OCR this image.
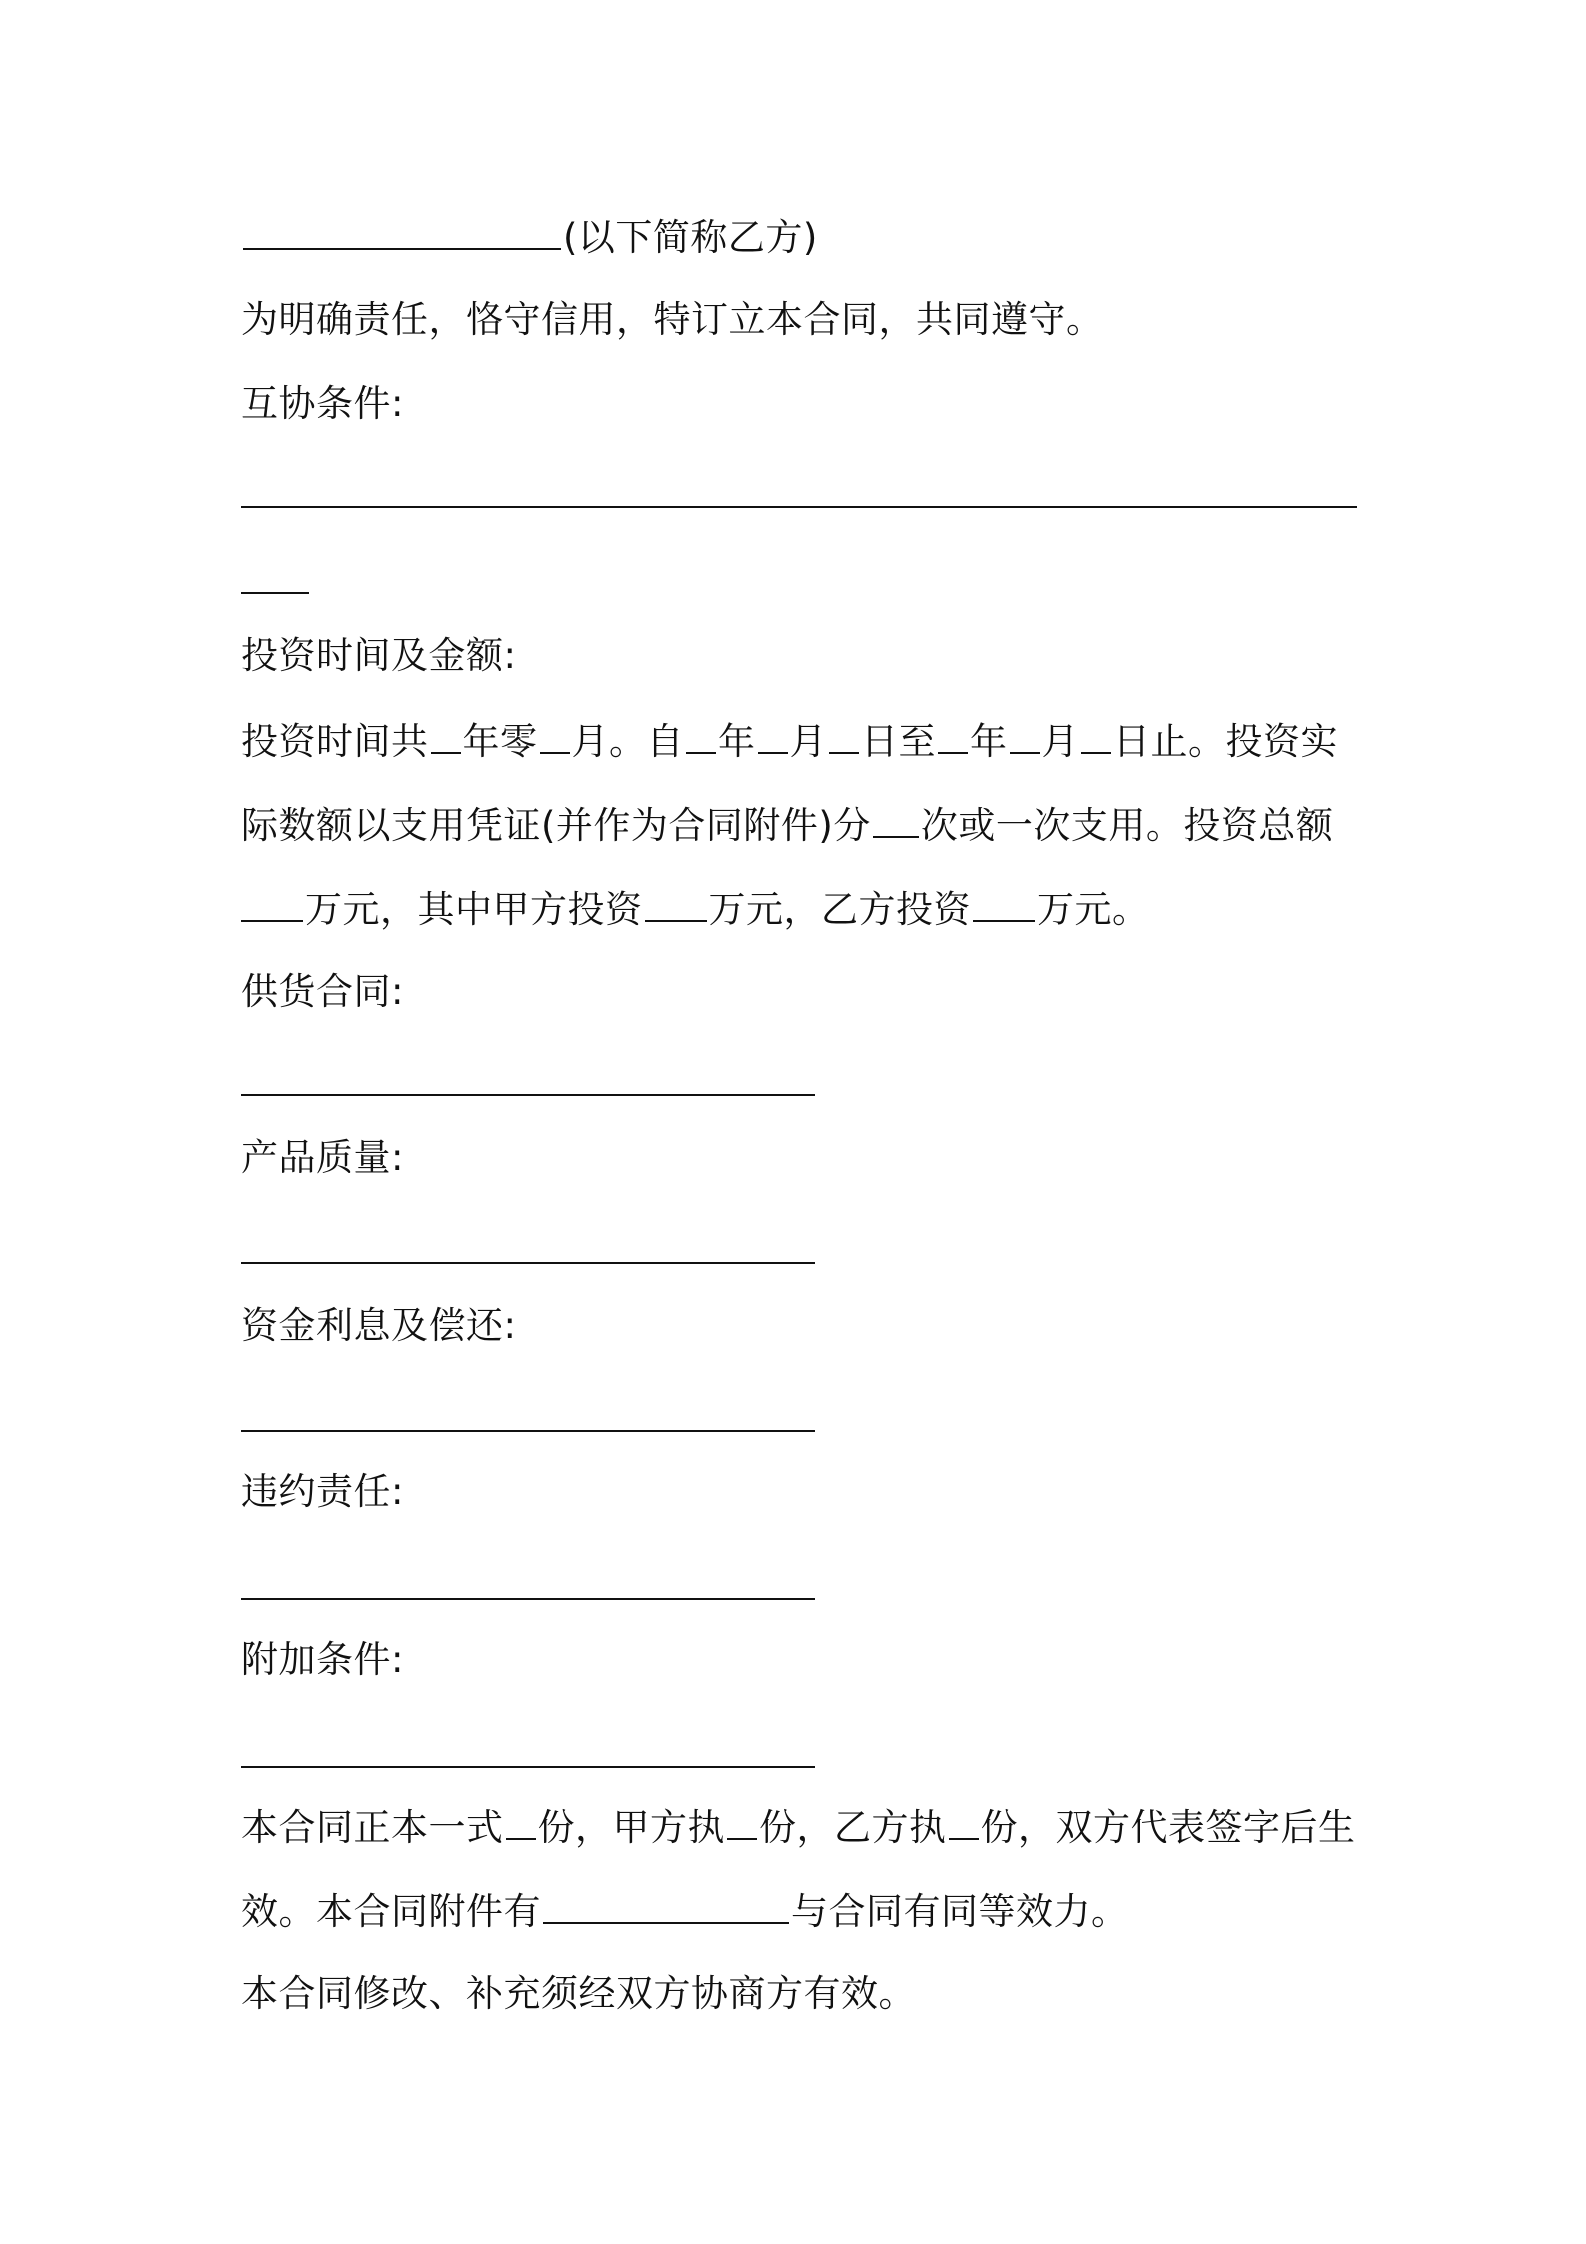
(以下简称乙方)
为明确责任，恪守信用，特订立本合同，共同遵守。
互协条件:
投资时间及金额:
投资时间共 年零 月。自 年 月 日至 年 月 日止。投资实
际数额以支用凭证(并作为合同附件)分 次或一次支用。投资总额
万元，其中甲方投资 万元，乙方投资 万元。
供货合同:
产品质量:
资金利息及偿还:
违约责任:
附加条件:
本合同正本一式 份，甲方执 份，乙方执 份，双方代表签字后生
效。本合同附件有	与合同有同等效力。
本合同修改、补充须经双方协商方有效。
